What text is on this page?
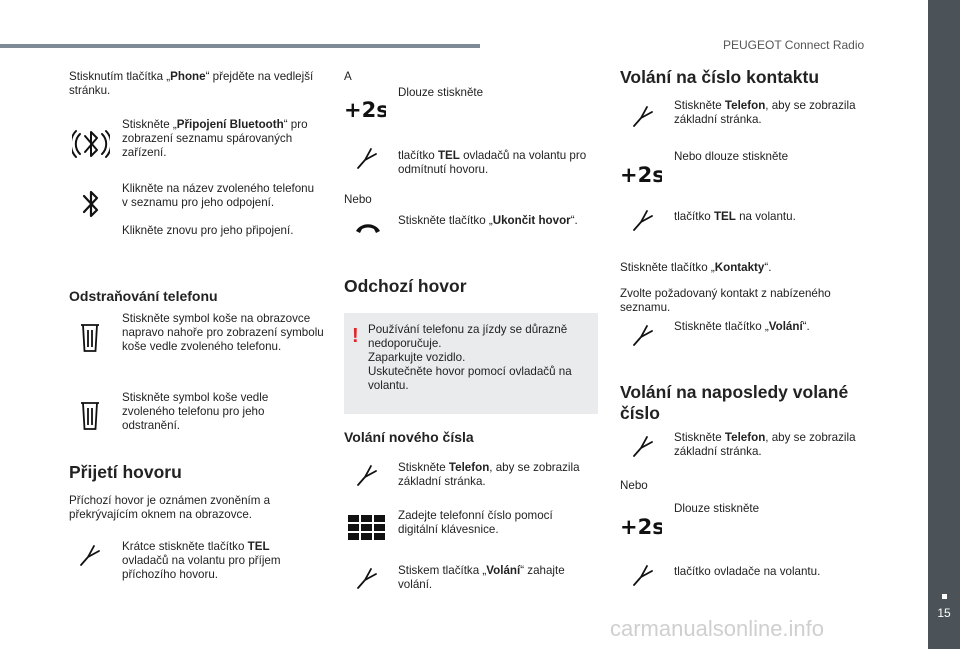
PEUGEOT Connect Radio
15
Stisknutím tlačítka „Phone“ přejděte na vedlejší stránku.
Stiskněte „Připojení Bluetooth“ pro zobrazení seznamu spárovaných zařízení.
Klikněte na název zvoleného telefonu v seznamu pro jeho odpojení.
Klikněte znovu pro jeho připojení.
Odstraňování telefonu
Stiskněte symbol koše na obrazovce napravo nahoře pro zobrazení symbolu koše vedle zvoleného telefonu.
Stiskněte symbol koše vedle zvoleného telefonu pro jeho odstranění.
Přijetí hovoru
Příchozí hovor je oznámen zvoněním a překrývajícím oknem na obrazovce.
Krátce stiskněte tlačítko TEL ovladačů na volantu pro příjem příchozího hovoru.
A
+2s
Dlouze stiskněte
tlačítko TEL ovladačů na volantu pro odmítnutí hovoru.
Nebo
Stiskněte tlačítko „Ukončit hovor“.
Odchozí hovor
! Používání telefonu za jízdy se důrazně nedoporučuje.
Zaparkujte vozidlo.
Uskutečněte hovor pomocí ovladačů na volantu.
Volání nového čísla
Stiskněte Telefon, aby se zobrazila základní stránka.
Zadejte telefonní číslo pomocí digitální klávesnice.
Stiskem tlačítka „Volání“ zahajte volání.
Volání na číslo kontaktu
Stiskněte Telefon, aby se zobrazila základní stránka.
+2s
Nebo dlouze stiskněte
tlačítko TEL na volantu.
Stiskněte tlačítko „Kontakty“.
Zvolte požadovaný kontakt z nabízeného seznamu.
Stiskněte tlačítko „Volání“.
Volání na naposledy volané číslo
Stiskněte Telefon, aby se zobrazila základní stránka.
Nebo
+2s
Dlouze stiskněte
tlačítko ovladače na volantu.
carmanualsonline.info
